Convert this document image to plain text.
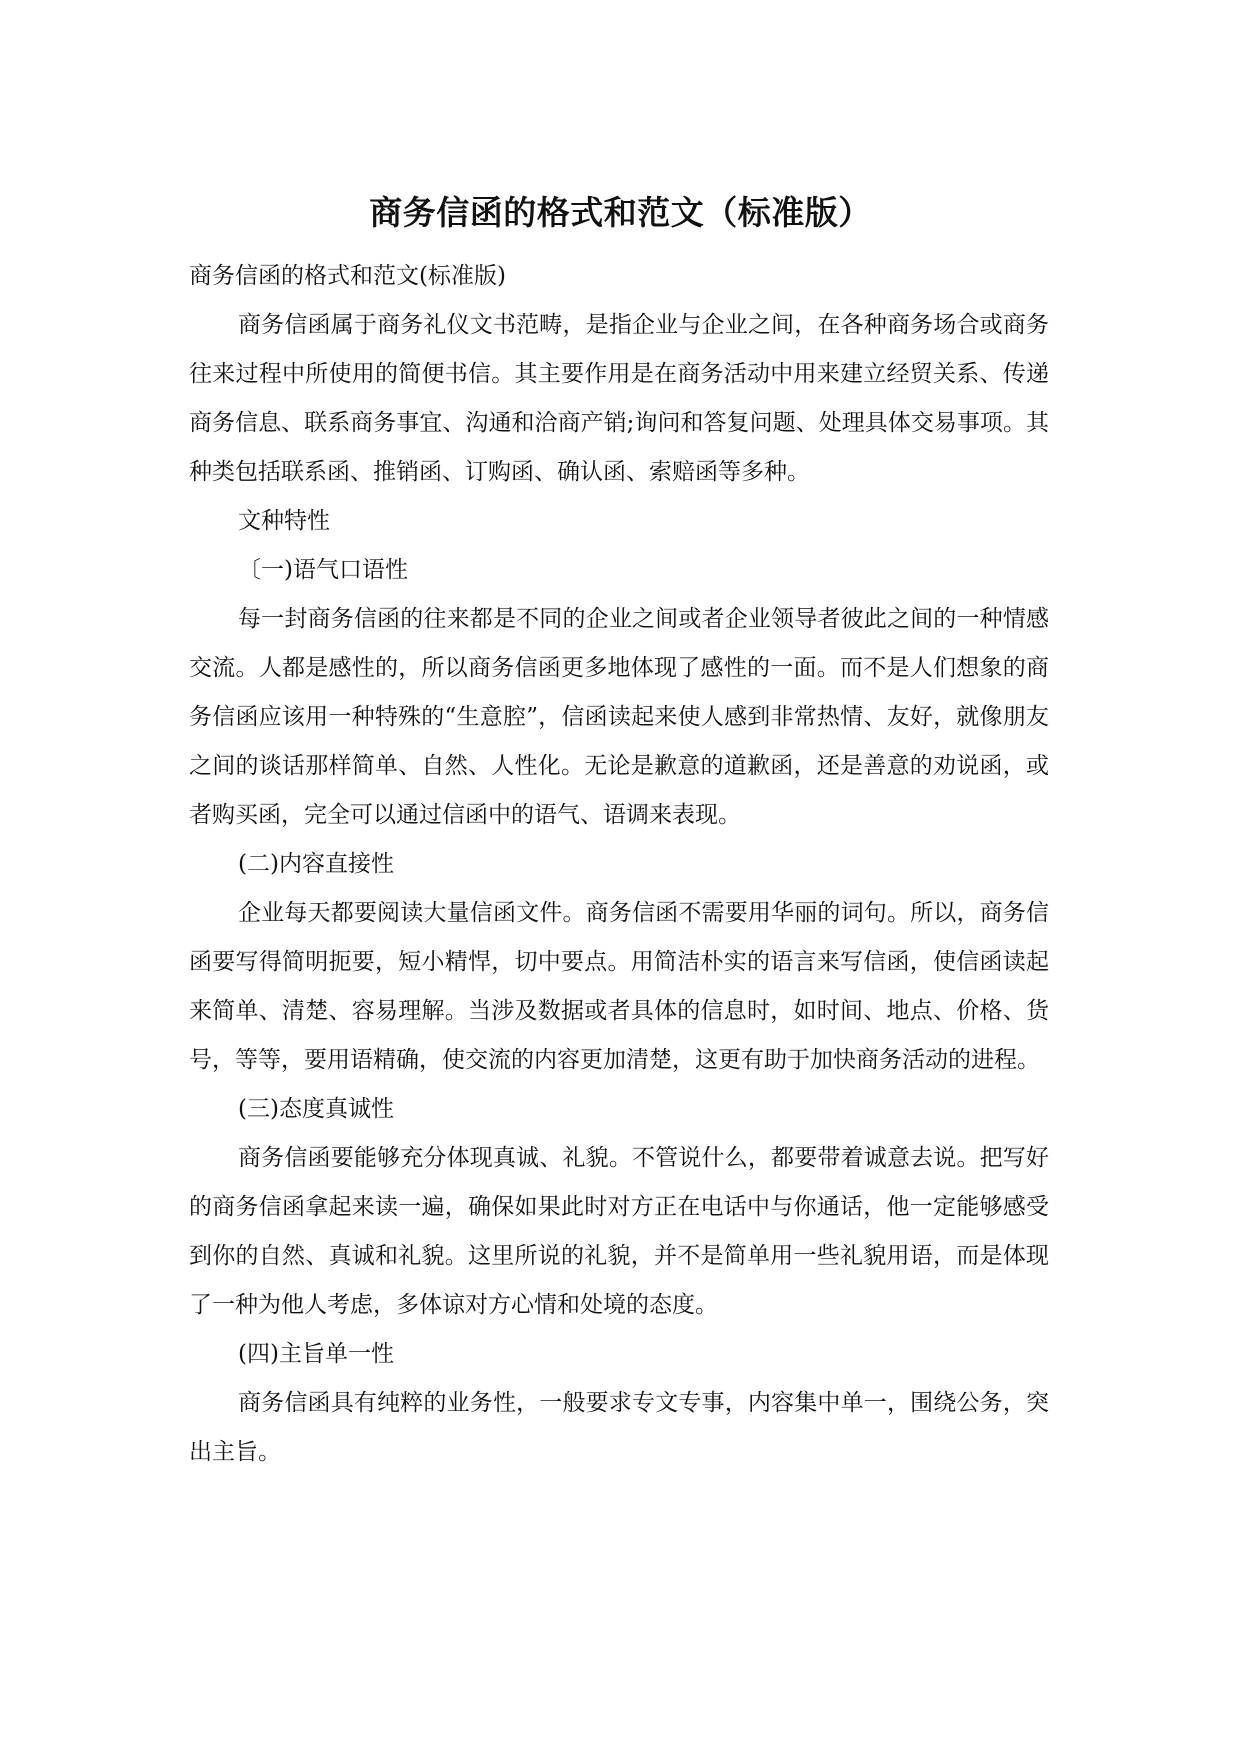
商务信函的格式和范文（标准版）

商务信函的格式和范文(标准版)

商务信函属于商务礼仪文书范畴，是指企业与企业之间，在各种商务场合或商务往来过程中所使用的简便书信。其主要作用是在商务活动中用来建立经贸关系、传递商务信息、联系商务事宜、沟通和洽商产销;询问和答复问题、处理具体交易事项。其种类包括联系函、推销函、订购函、确认函、索赔函等多种。

文种特性

〔一)语气口语性

每一封商务信函的往来都是不同的企业之间或者企业领导者彼此之间的一种情感交流。人都是感性的，所以商务信函更多地体现了感性的一面。而不是人们想象的商务信函应该用一种特殊的“生意腔”，信函读起来使人感到非常热情、友好，就像朋友之间的谈话那样简单、自然、人性化。无论是歉意的道歉函，还是善意的劝说函，或者购买函，完全可以通过信函中的语气、语调来表现。

(二)内容直接性

企业每天都要阅读大量信函文件。商务信函不需要用华丽的词句。所以，商务信函要写得简明扼要，短小精悍，切中要点。用简洁朴实的语言来写信函，使信函读起来简单、清楚、容易理解。当涉及数据或者具体的信息时，如时间、地点、价格、货号，等等，要用语精确，使交流的内容更加清楚，这更有助于加快商务活动的进程。

(三)态度真诚性

商务信函要能够充分体现真诚、礼貌。不管说什么，都要带着诚意去说。把写好的商务信函拿起来读一遍，确保如果此时对方正在电话中与你通话，他一定能够感受到你的自然、真诚和礼貌。这里所说的礼貌，并不是简单用一些礼貌用语，而是体现了一种为他人考虑，多体谅对方心情和处境的态度。

(四)主旨单一性

商务信函具有纯粹的业务性，一般要求专文专事，内容集中单一，围绕公务，突出主旨。
